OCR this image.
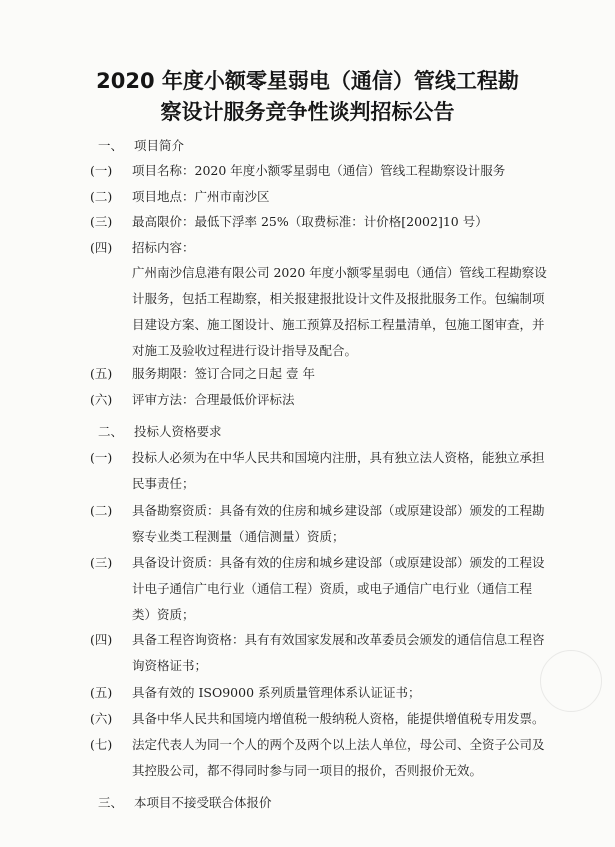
2020 年度小额零星弱电（通信）管线工程勘
察设计服务竞争性谈判招标公告
一、 项目简介
(一)	项目名称：2020 年度小额零星弱电（通信）管线工程勘察设计服务
(二)	项目地点：广州市南沙区
(三)	最高限价：最低下浮率 25%（取费标准：计价格[2002]10 号）
(四)	招标内容：
广州南沙信息港有限公司 2020 年度小额零星弱电（通信）管线工程勘察设
计服务，包括工程勘察，相关报建报批设计文件及报批服务工作。包编制项
目建设方案、施工图设计、施工预算及招标工程量清单，包施工图审查，并
对施工及验收过程进行设计指导及配合。
(五)	服务期限：签订合同之日起 壹 年
(六)	评审方法：合理最低价评标法
二、 投标人资格要求
(一)	投标人必须为在中华人民共和国境内注册，具有独立法人资格，能独立承担
民事责任；
(二)	具备勘察资质：具备有效的住房和城乡建设部（或原建设部）颁发的工程勘
察专业类工程测量（通信测量）资质；
(三)	具备设计资质：具备有效的住房和城乡建设部（或原建设部）颁发的工程设
计电子通信广电行业（通信工程）资质，或电子通信广电行业（通信工程
类）资质；
(四)	具备工程咨询资格：具有有效国家发展和改革委员会颁发的通信信息工程咨
询资格证书；
(五)	具备有效的 ISO9000 系列质量管理体系认证证书；
(六)	具备中华人民共和国境内增值税一般纳税人资格，能提供增值税专用发票。
(七)	法定代表人为同一个人的两个及两个以上法人单位，母公司、全资子公司及
其控股公司，都不得同时参与同一项目的报价，否则报价无效。
三、 本项目不接受联合体报价
